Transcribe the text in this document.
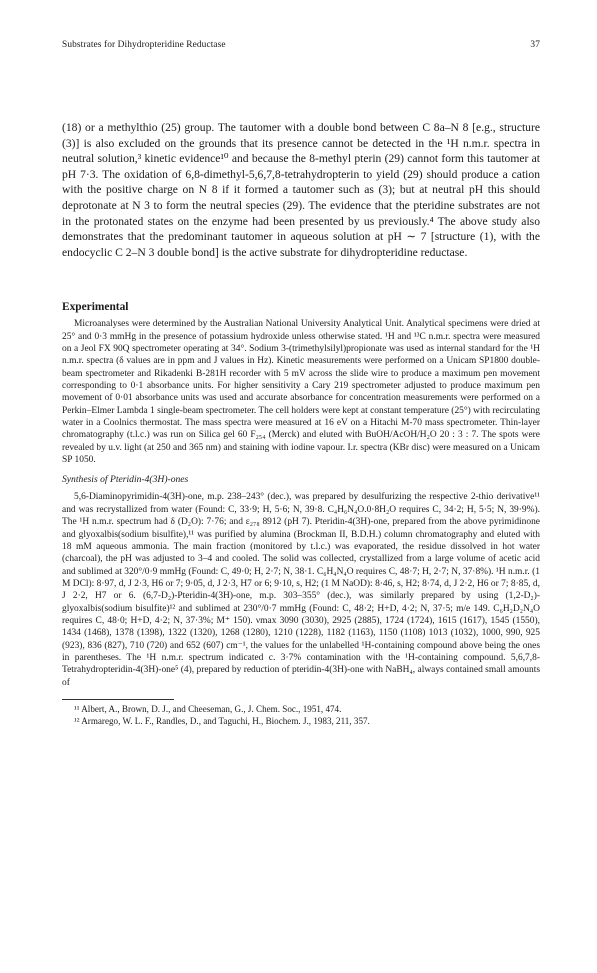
Substrates for Dihydropteridine Reductase	37

(18) or a methylthio (25) group. The tautomer with a double bond between C 8a–N 8 [e.g., structure (3)] is also excluded on the grounds that its presence cannot be detected in the ¹H n.m.r. spectra in neutral solution,³ kinetic evidence¹⁰ and because the 8-methyl pterin (29) cannot form this tautomer at pH 7·3. The oxidation of 6,8-dimethyl-5,6,7,8-tetrahydropterin to yield (29) should produce a cation with the positive charge on N 8 if it formed a tautomer such as (3); but at neutral pH this should deprotonate at N 3 to form the neutral species (29). The evidence that the pteridine substrates are not in the protonated states on the enzyme had been presented by us previously.⁴ The above study also demonstrates that the predominant tautomer in aqueous solution at pH ∼ 7 [structure (1), with the endocyclic C 2–N 3 double bond] is the active substrate for dihydropteridine reductase.

Experimental

Microanalyses were determined by the Australian National University Analytical Unit. Analytical specimens were dried at 25° and 0·3 mmHg in the presence of potassium hydroxide unless otherwise stated. ¹H and ¹³C n.m.r. spectra were measured on a Jeol FX 90Q spectrometer operating at 34°. Sodium 3-(trimethylsilyl)propionate was used as internal standard for the ¹H n.m.r. spectra (δ values are in ppm and J values in Hz). Kinetic measurements were performed on a Unicam SP1800 double-beam spectrometer and Rikadenki B-281H recorder with 5 mV across the slide wire to produce a maximum pen movement corresponding to 0·1 absorbance units. For higher sensitivity a Cary 219 spectrometer adjusted to produce maximum pen movement of 0·01 absorbance units was used and accurate absorbance for concentration measurements were performed on a Perkin–Elmer Lambda 1 single-beam spectrometer. The cell holders were kept at constant temperature (25°) with recirculating water in a Coolnics thermostat. The mass spectra were measured at 16 eV on a Hitachi M-70 mass spectrometer. Thin-layer chromatography (t.l.c.) was run on Silica gel 60 F₂₅₄ (Merck) and eluted with BuOH/AcOH/H₂O 20 : 3 : 7. The spots were revealed by u.v. light (at 250 and 365 nm) and staining with iodine vapour. I.r. spectra (KBr disc) were measured on a Unicam SP 1050.

Synthesis of Pteridin-4(3H)-ones

5,6-Diaminopyrimidin-4(3H)-one, m.p. 238–243° (dec.), was prepared by desulfurizing the respective 2-thio derivative¹¹ and was recrystallized from water (Found: C, 33·9; H, 5·6; N, 39·8. C₄H₆N₄O.0·8H₂O requires C, 34·2; H, 5·5; N, 39·9%). The ¹H n.m.r. spectrum had δ (D₂O): 7·76; and ε₂₇₈ 8912 (pH 7). Pteridin-4(3H)-one, prepared from the above pyrimidinone and glyoxalbis(sodium bisulfite),¹¹ was purified by alumina (Brockman II, B.D.H.) column chromatography and eluted with 18 mM aqueous ammonia. The main fraction (monitored by t.l.c.) was evaporated, the residue dissolved in hot water (charcoal), the pH was adjusted to 3–4 and cooled. The solid was collected, crystallized from a large volume of acetic acid and sublimed at 320°/0·9 mmHg (Found: C, 49·0; H, 2·7; N, 38·1. C₆H₄N₄O requires C, 48·7; H, 2·7; N, 37·8%). ¹H n.m.r. (1 M DCl): 8·97, d, J 2·3, H6 or 7; 9·05, d, J 2·3, H7 or 6; 9·10, s, H2; (1 M NaOD): 8·46, s, H2; 8·74, d, J 2·2, H6 or 7; 8·85, d, J 2·2, H7 or 6. (6,7-D₂)-Pteridin-4(3H)-one, m.p. 303–355° (dec.), was similarly prepared by using (1,2-D₂)-glyoxalbis(sodium bisulfite)¹² and sublimed at 230°/0·7 mmHg (Found: C, 48·2; H+D, 4·2; N, 37·5; m/e 149. C₆H₂D₂N₄O requires C, 48·0; H+D, 4·2; N, 37·3%; M⁺ 150). νmax 3090 (3030), 2925 (2885), 1724 (1724), 1615 (1617), 1545 (1550), 1434 (1468), 1378 (1398), 1322 (1320), 1268 (1280), 1210 (1228), 1182 (1163), 1150 (1108) 1013 (1032), 1000, 990, 925 (923), 836 (827), 710 (720) and 652 (607) cm⁻¹, the values for the unlabelled ¹H-containing compound above being the ones in parentheses. The ¹H n.m.r. spectrum indicated c. 3·7% contamination with the ¹H-containing compound. 5,6,7,8-Tetrahydropteridin-4(3H)-one⁵ (4), prepared by reduction of pteridin-4(3H)-one with NaBH₄, always contained small amounts of

¹¹ Albert, A., Brown, D. J., and Cheeseman, G., J. Chem. Soc., 1951, 474.

¹² Armarego, W. L. F., Randles, D., and Taguchi, H., Biochem. J., 1983, 211, 357.
